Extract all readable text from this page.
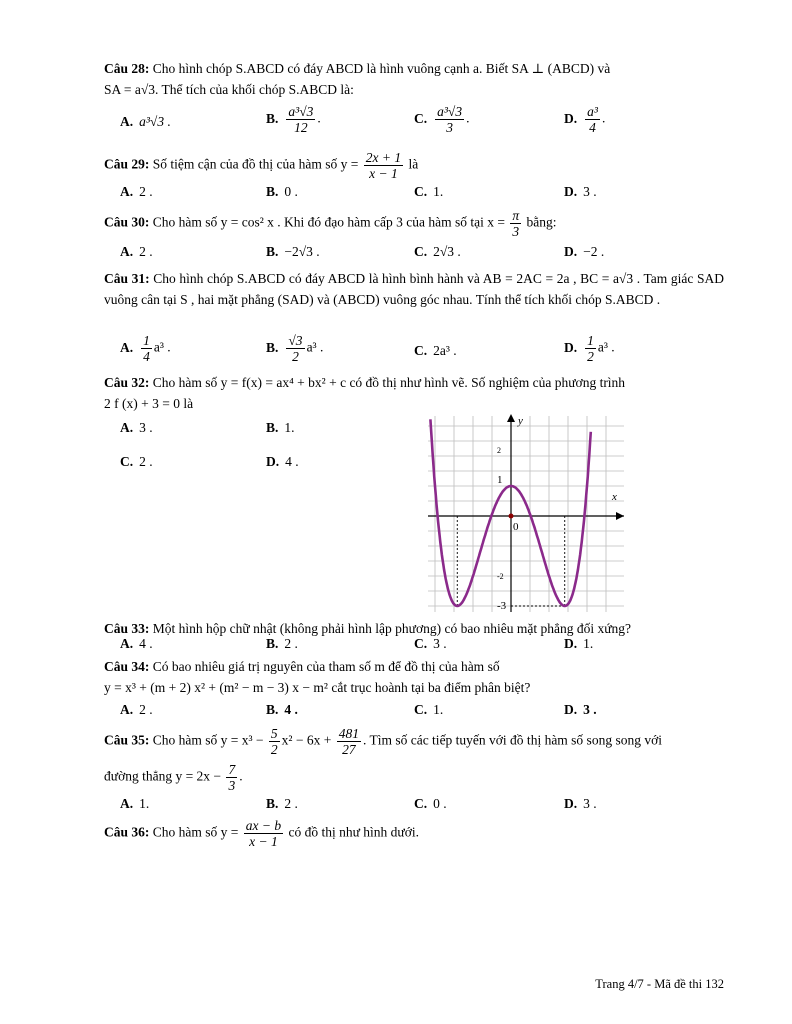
Câu 28: Cho hình chóp S.ABCD có đáy ABCD là hình vuông cạnh a. Biết SA ⊥ (ABCD) và
SA = a√3. Thể tích của khối chóp S.ABCD là:
A. a³√3 .	B. $\frac{\text{a³√3}}{12}$ .	C. $\frac{\text{a³√3}}{3}$ .	D. $\frac{\text{a³}}{4}$ .
Câu 29: Số tiệm cận của đồ thị của hàm số $y = \frac{2x + 1}{x - 1}$ là
A. 2 .	B. 0 .	C. 1.	D. 3 .
Câu 30: Cho hàm số y = cos² x . Khi đó đạo hàm cấp 3 của hàm số tại $x = \frac{\pi}{3}$ bằng:
A. 2 .	B. −2√3 .	C. 2√3 .	D. −2 .
Câu 31: Cho hình chóp S.ABCD có đáy ABCD là hình bình hành và AB = 2AC = 2a , BC = a√3 . Tam giác SAD vuông cân tại S , hai mặt phẳng (SAD) và (ABCD) vuông góc nhau. Tính thể tích khối chóp S.ABCD .
A. $\frac{1}{4} a^3$ .	B. $\frac{√3}{2} a^3$ .	C. 2a³ .	D. $\frac{1}{2} a^3$ .
Câu 32: Cho hàm số y = f(x) = ax⁴ + bx² + c có đồ thị như hình vẽ. Số nghiệm của phương trình
2 f (x) + 3 = 0 là
A. 3 .	B. 1.
C. 2 .	D. 4 .
x
y
2
1
0
-2
-3
Câu 33: Một hình hộp chữ nhật (không phải hình lập phương) có bao nhiêu mặt phẳng đối xứng?
A. 4 .	B. 2 .	C. 3 .	D. 1.
Câu 34: Có bao nhiêu giá trị nguyên của tham số m để đồ thị của hàm số
y = x³ + (m + 2) x² + (m² − m − 3) x − m² cắt trục hoành tại ba điểm phân biệt?
A. 2 .	B. 4 .	C. 1.	D. 3 .
Câu 35: Cho hàm số $y = x^3 - \frac{5}{2} x^2 - 6x + \frac{481}{27}$ . Tìm số các tiếp tuyến với đồ thị hàm số song song với
đường thẳng $y = 2x - \frac{7}{3}$ .
A. 1.	B. 2 .	C. 0 .	D. 3 .
Câu 36: Cho hàm số $y = \frac{ax - b}{x - 1}$ có đồ thị như hình dưới.
Trang 4/7 - Mã đề thi 132
